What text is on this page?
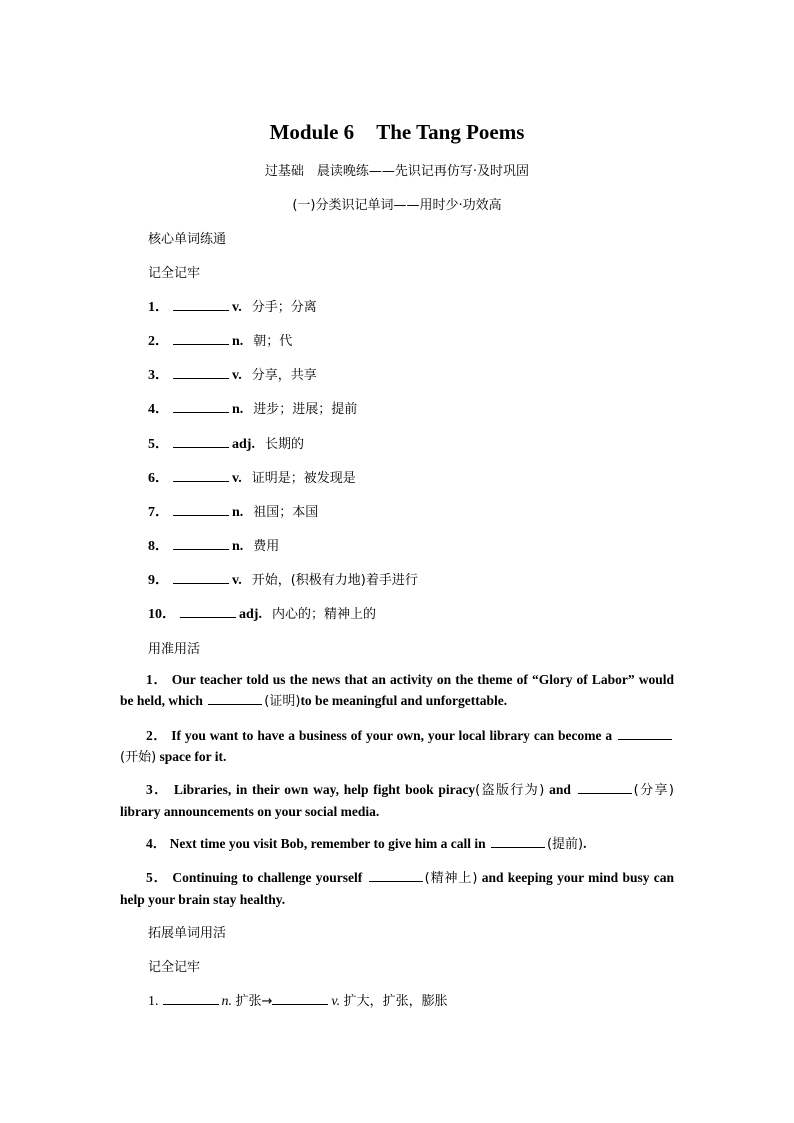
Module 6 The Tang Poems
过基础　晨读晚练——先识记再仿写·及时巩固
(一)分类识记单词——用时少·功效高
核心单词练通
记全记牢
1．	v. 分手；分离
2．	n. 朝；代
3．	v. 分享，共享
4．	n. 进步；进展；提前
5．	adj. 长期的
6．	v. 证明是；被发现是
7．	n. 祖国；本国
8．	n. 费用
9．	v. 开始，(积极有力地)着手进行
10．	adj. 内心的；精神上的
用准用活
1． Our teacher told us the news that an activity on the theme of “Glory of Labor” would be held, which	(证明)to be meaningful and unforgettable.
2． If you want to have a business of your own, your local library can become a (开始) space for it.
3． Libraries, in their own way, help fight book piracy(盗版行为) and	(分享) library announcements on your social media.
4． Next time you visit Bob, remember to give him a call in	(提前).
5． Continuing to challenge yourself	(精神上) and keeping your mind busy can help your brain stay healthy.
拓展单词用活
记全记牢
1.	n. 扩张→	v. 扩大，扩张，膨胀
